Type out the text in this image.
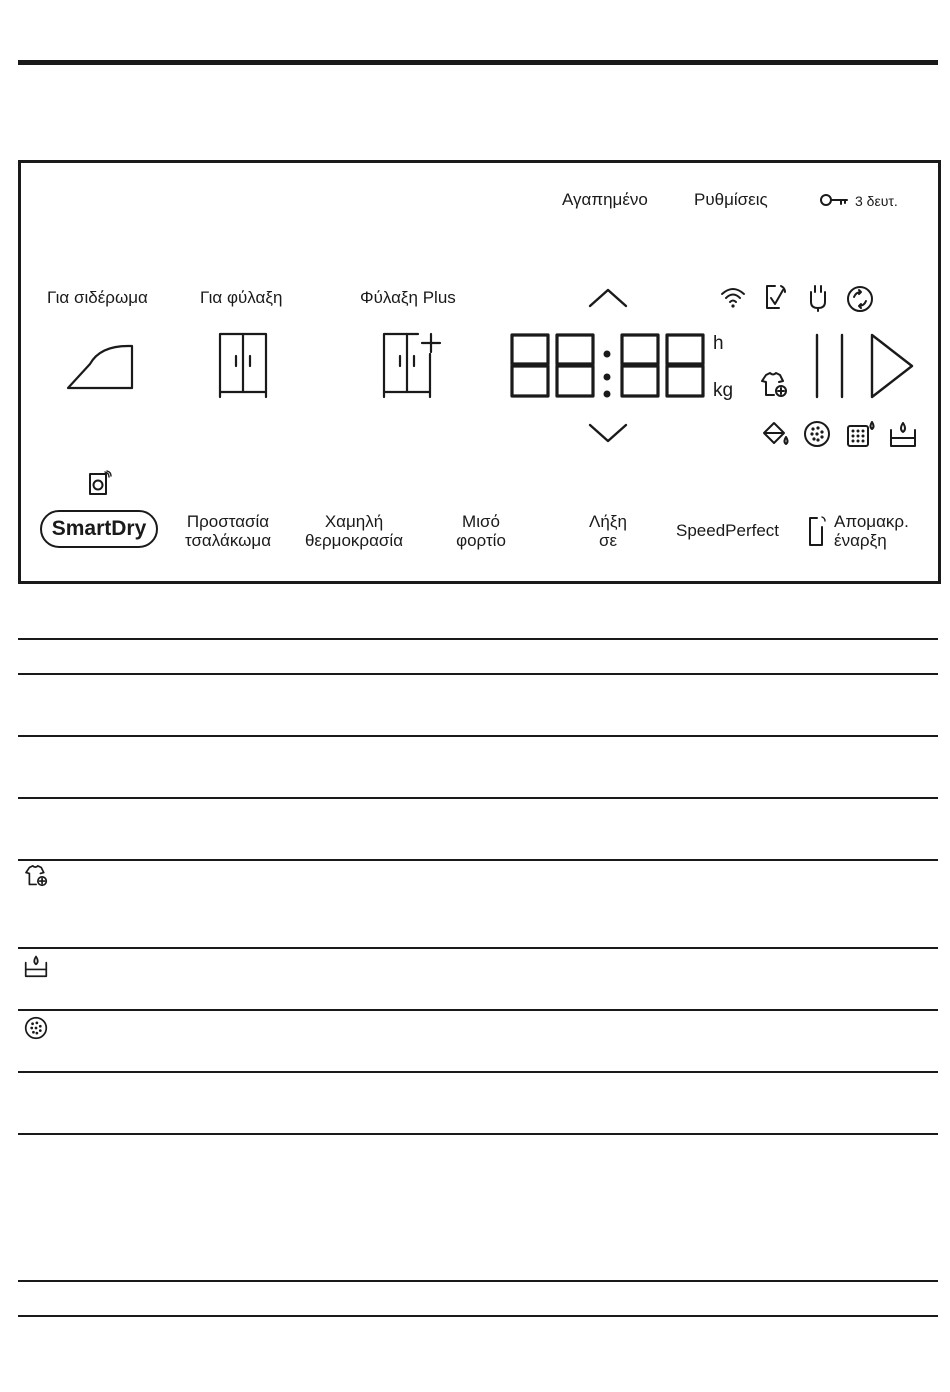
Αγαπημένο	Ρυθμίσεις	3 δευτ.
Για σιδέρωμα	Για φύλαξη	Φύλαξη Plus
h
kg
SmartDry	Προστασία
τσαλάκωμα
Χαμηλή
θερμοκρασία
Μισό
φορτίο
Λήξη
σε
SpeedPerfect	Απομακρ.
έναρξη
